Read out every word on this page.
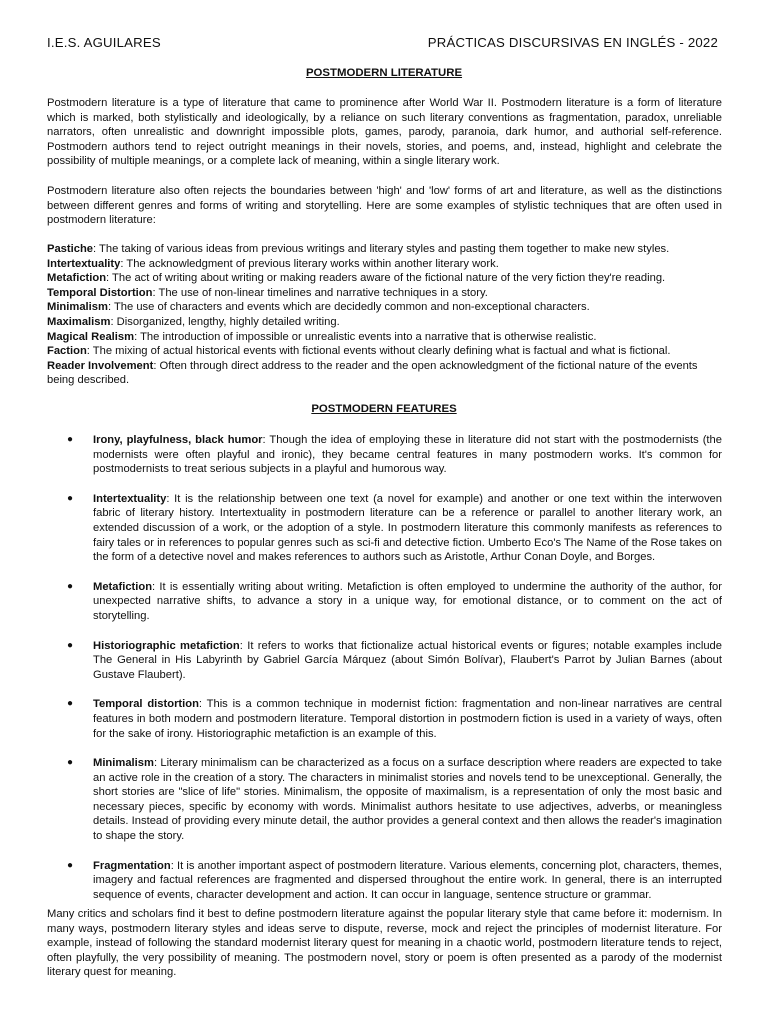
I.E.S. AGUILARES	PRÁCTICAS DISCURSIVAS EN INGLÉS - 2022
POSTMODERN LITERATURE

Postmodern literature is a type of literature that came to prominence after World War II. Postmodern literature is a form of literature which is marked, both stylistically and ideologically, by a reliance on such literary conventions as fragmentation, paradox, unreliable narrators, often unrealistic and downright impossible plots, games, parody, paranoia, dark humor, and authorial self-reference. Postmodern authors tend to reject outright meanings in their novels, stories, and poems, and, instead, highlight and celebrate the possibility of multiple meanings, or a complete lack of meaning, within a single literary work.

Postmodern literature also often rejects the boundaries between 'high' and 'low' forms of art and literature, as well as the distinctions between different genres and forms of writing and storytelling. Here are some examples of stylistic techniques that are often used in postmodern literature:

Pastiche: The taking of various ideas from previous writings and literary styles and pasting them together to make new styles.

Intertextuality: The acknowledgment of previous literary works within another literary work.

Metafiction: The act of writing about writing or making readers aware of the fictional nature of the very fiction they're reading.

Temporal Distortion: The use of non-linear timelines and narrative techniques in a story.

Minimalism: The use of characters and events which are decidedly common and non-exceptional characters.

Maximalism: Disorganized, lengthy, highly detailed writing.

Magical Realism: The introduction of impossible or unrealistic events into a narrative that is otherwise realistic.

Faction: The mixing of actual historical events with fictional events without clearly defining what is factual and what is fictional.

Reader Involvement: Often through direct address to the reader and the open acknowledgment of the fictional nature of the events being described.

POSTMODERN FEATURES
● Irony, playfulness, black humor: Though the idea of employing these in literature did not start with the postmodernists (the modernists were often playful and ironic), they became central features in many postmodern works. It's common for postmodernists to treat serious subjects in a playful and humorous way.
● Intertextuality: It is the relationship between one text (a novel for example) and another or one text within the interwoven fabric of literary history. Intertextuality in postmodern literature can be a reference or parallel to another literary work, an extended discussion of a work, or the adoption of a style. In postmodern literature this commonly manifests as references to fairy tales or in references to popular genres such as sci-fi and detective fiction. Umberto Eco's The Name of the Rose takes on the form of a detective novel and makes references to authors such as Aristotle, Arthur Conan Doyle, and Borges.
● Metafiction: It is essentially writing about writing. Metafiction is often employed to undermine the authority of the author, for unexpected narrative shifts, to advance a story in a unique way, for emotional distance, or to comment on the act of storytelling.
● Historiographic metafiction: It refers to works that fictionalize actual historical events or figures; notable examples include The General in His Labyrinth by Gabriel García Márquez (about Simón Bolívar), Flaubert's Parrot by Julian Barnes (about Gustave Flaubert).
● Temporal distortion: This is a common technique in modernist fiction: fragmentation and non-linear narratives are central features in both modern and postmodern literature. Temporal distortion in postmodern fiction is used in a variety of ways, often for the sake of irony. Historiographic metafiction is an example of this.
● Minimalism: Literary minimalism can be characterized as a focus on a surface description where readers are expected to take an active role in the creation of a story. The characters in minimalist stories and novels tend to be unexceptional. Generally, the short stories are "slice of life" stories. Minimalism, the opposite of maximalism, is a representation of only the most basic and necessary pieces, specific by economy with words. Minimalist authors hesitate to use adjectives, adverbs, or meaningless details. Instead of providing every minute detail, the author provides a general context and then allows the reader's imagination to shape the story.
● Fragmentation: It is another important aspect of postmodern literature. Various elements, concerning plot, characters, themes, imagery and factual references are fragmented and dispersed throughout the entire work. In general, there is an interrupted sequence of events, character development and action. It can occur in language, sentence structure or grammar.

Many critics and scholars find it best to define postmodern literature against the popular literary style that came before it: modernism. In many ways, postmodern literary styles and ideas serve to dispute, reverse, mock and reject the principles of modernist literature. For example, instead of following the standard modernist literary quest for meaning in a chaotic world, postmodern literature tends to reject, often playfully, the very possibility of meaning. The postmodern novel, story or poem is often presented as a parody of the modernist literary quest for meaning.
